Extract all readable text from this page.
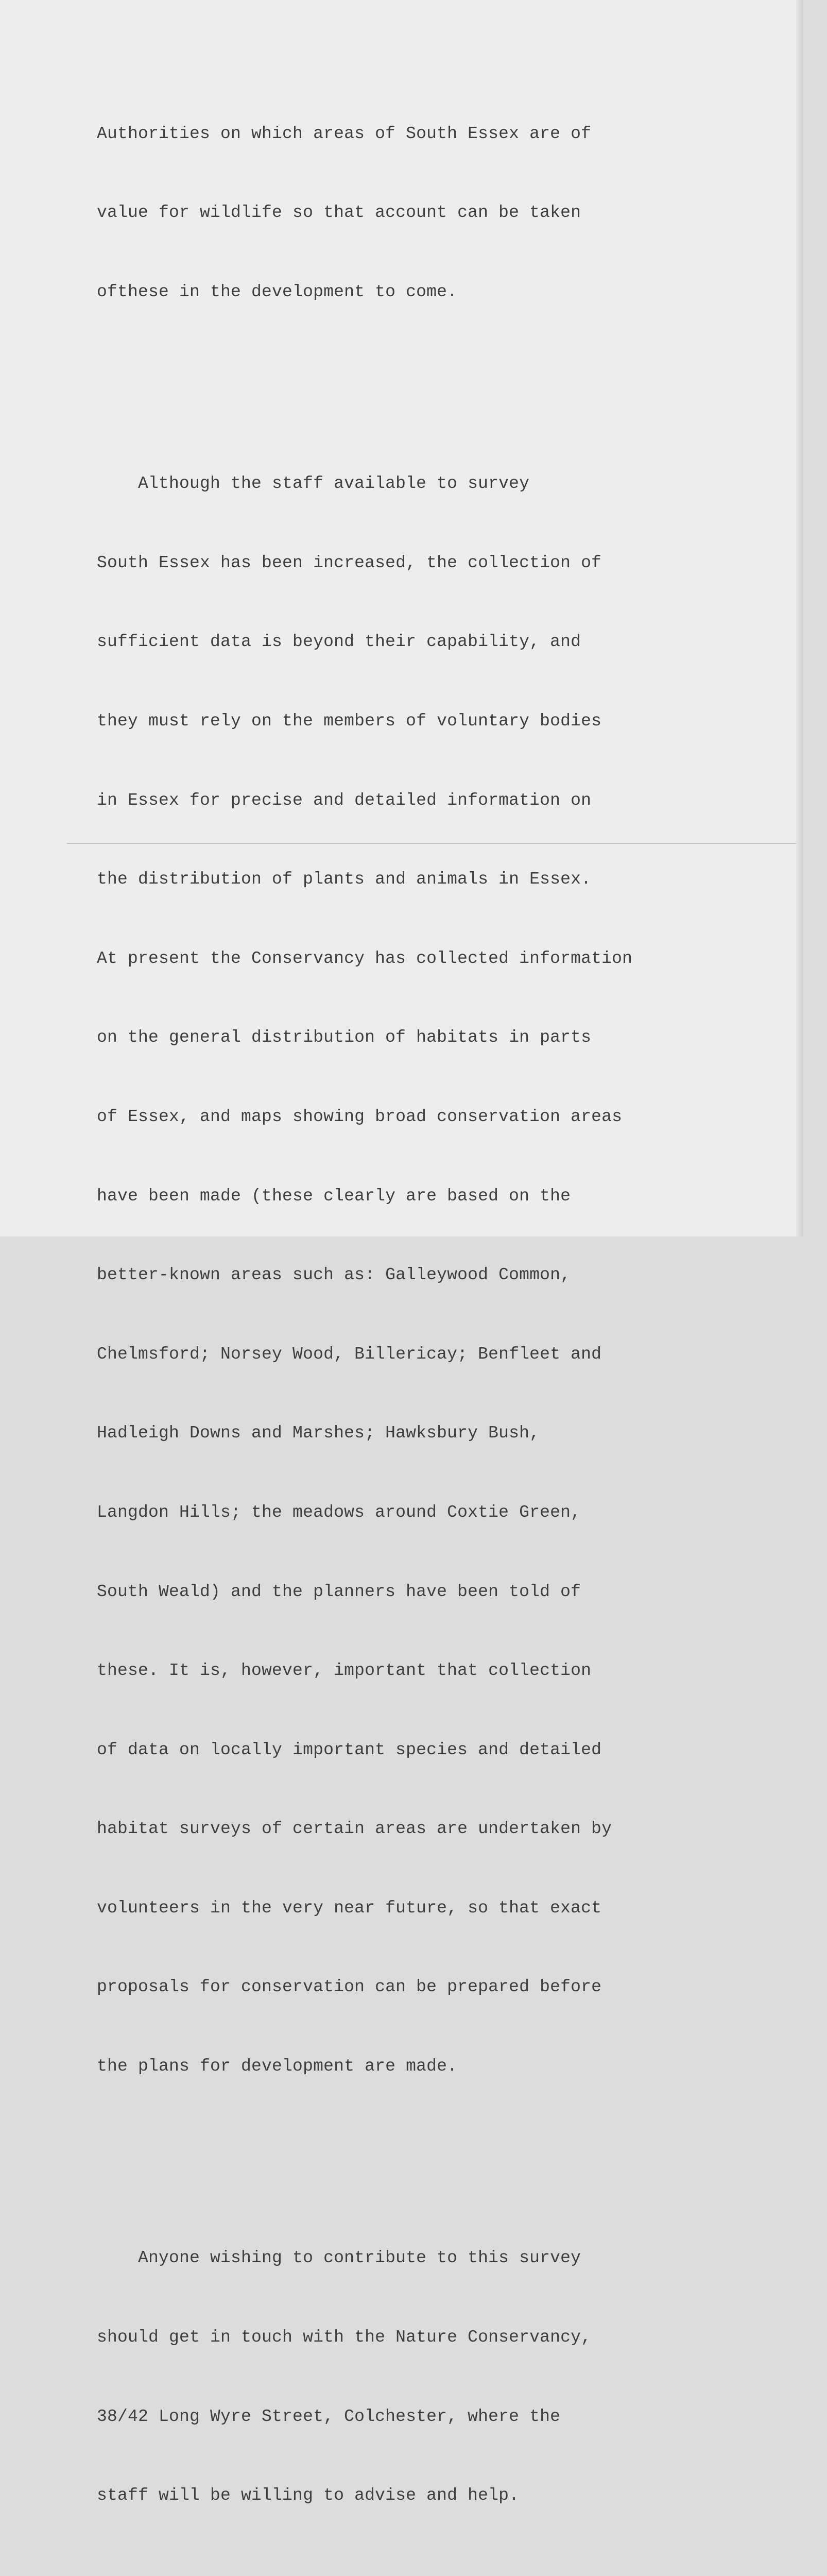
Authorities on which areas of South Essex are of

value for wildlife so that account can be taken

ofthese in the development to come.

Although the staff available to survey

South Essex has been increased, the collection of

sufficient data is beyond their capability, and

they must rely on the members of voluntary bodies

in Essex for precise and detailed information on

the distribution of plants and animals in Essex.

At present the Conservancy has collected information

on the general distribution of habitats in parts

of Essex, and maps showing broad conservation areas

have been made (these clearly are based on the

better-known areas such as: Galleywood Common,

Chelmsford; Norsey Wood, Billericay; Benfleet and

Hadleigh Downs and Marshes; Hawksbury Bush,

Langdon Hills; the meadows around Coxtie Green,

South Weald) and the planners have been told of

these. It is, however, important that collection

of data on locally important species and detailed

habitat surveys of certain areas are undertaken by

volunteers in the very near future, so that exact

proposals for conservation can be prepared before

the plans for development are made.

Anyone wishing to contribute to this survey

should get in touch with the Nature Conservancy,

38/42 Long Wyre Street, Colchester, where the

staff will be willing to advise and help.
